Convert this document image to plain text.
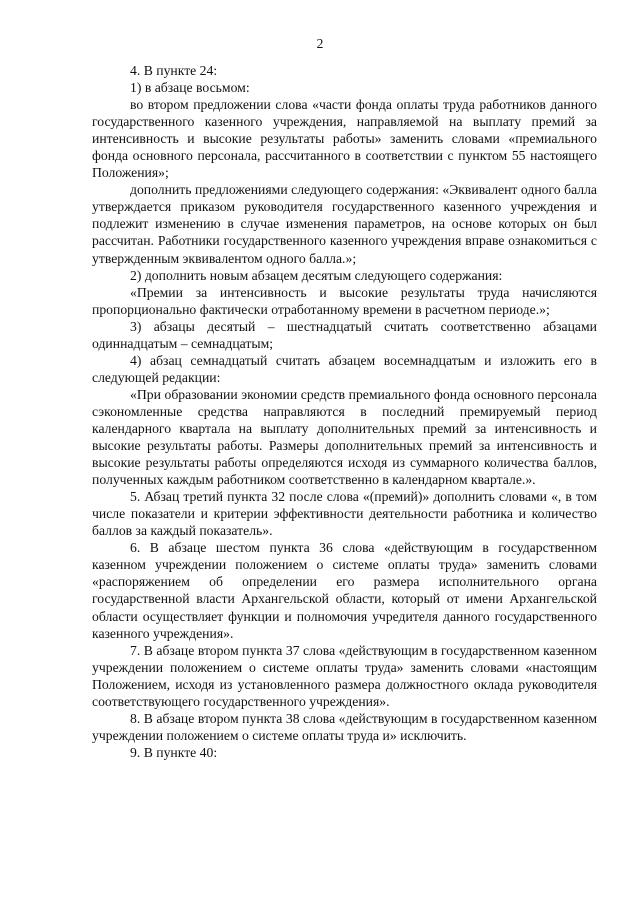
2

4. В пункте 24:

1) в абзаце восьмом:

во втором предложении слова «части фонда оплаты труда работников данного государственного казенного учреждения, направляемой на выплату премий за интенсивность и высокие результаты работы» заменить словами «премиального фонда основного персонала, рассчитанного в соответствии с пунктом 55 настоящего Положения»;

дополнить предложениями следующего содержания: «Эквивалент одного балла утверждается приказом руководителя государственного казенного учреждения и подлежит изменению в случае изменения параметров, на основе которых он был рассчитан. Работники государственного казенного учреждения вправе ознакомиться с утвержденным эквивалентом одного балла.»;

2) дополнить новым абзацем десятым следующего содержания:

«Премии за интенсивность и высокие результаты труда начисляются пропорционально фактически отработанному времени в расчетном периоде.»;

3) абзацы десятый – шестнадцатый считать соответственно абзацами одиннадцатым – семнадцатым;

4) абзац семнадцатый считать абзацем восемнадцатым и изложить его в следующей редакции:

«При образовании экономии средств премиального фонда основного персонала сэкономленные средства направляются в последний премируемый период календарного квартала на выплату дополнительных премий за интенсивность и высокие результаты работы. Размеры дополнительных премий за интенсивность и высокие результаты работы определяются исходя из суммарного количества баллов, полученных каждым работником соответственно в календарном квартале.».

5. Абзац третий пункта 32 после слова «(премий)» дополнить словами «, в том числе показатели и критерии эффективности деятельности работника и количество баллов за каждый показатель».

6. В абзаце шестом пункта 36 слова «действующим в государственном казенном учреждении положением о системе оплаты труда» заменить словами «распоряжением об определении его размера исполнительного органа государственной власти Архангельской области, который от имени Архангельской области осуществляет функции и полномочия учредителя данного государственного казенного учреждения».

7. В абзаце втором пункта 37 слова «действующим в государственном казенном учреждении положением о системе оплаты труда» заменить словами «настоящим Положением, исходя из установленного размера должностного оклада руководителя соответствующего государственного учреждения».

8. В абзаце втором пункта 38 слова «действующим в государственном казенном учреждении положением о системе оплаты труда и» исключить.

9. В пункте 40:
